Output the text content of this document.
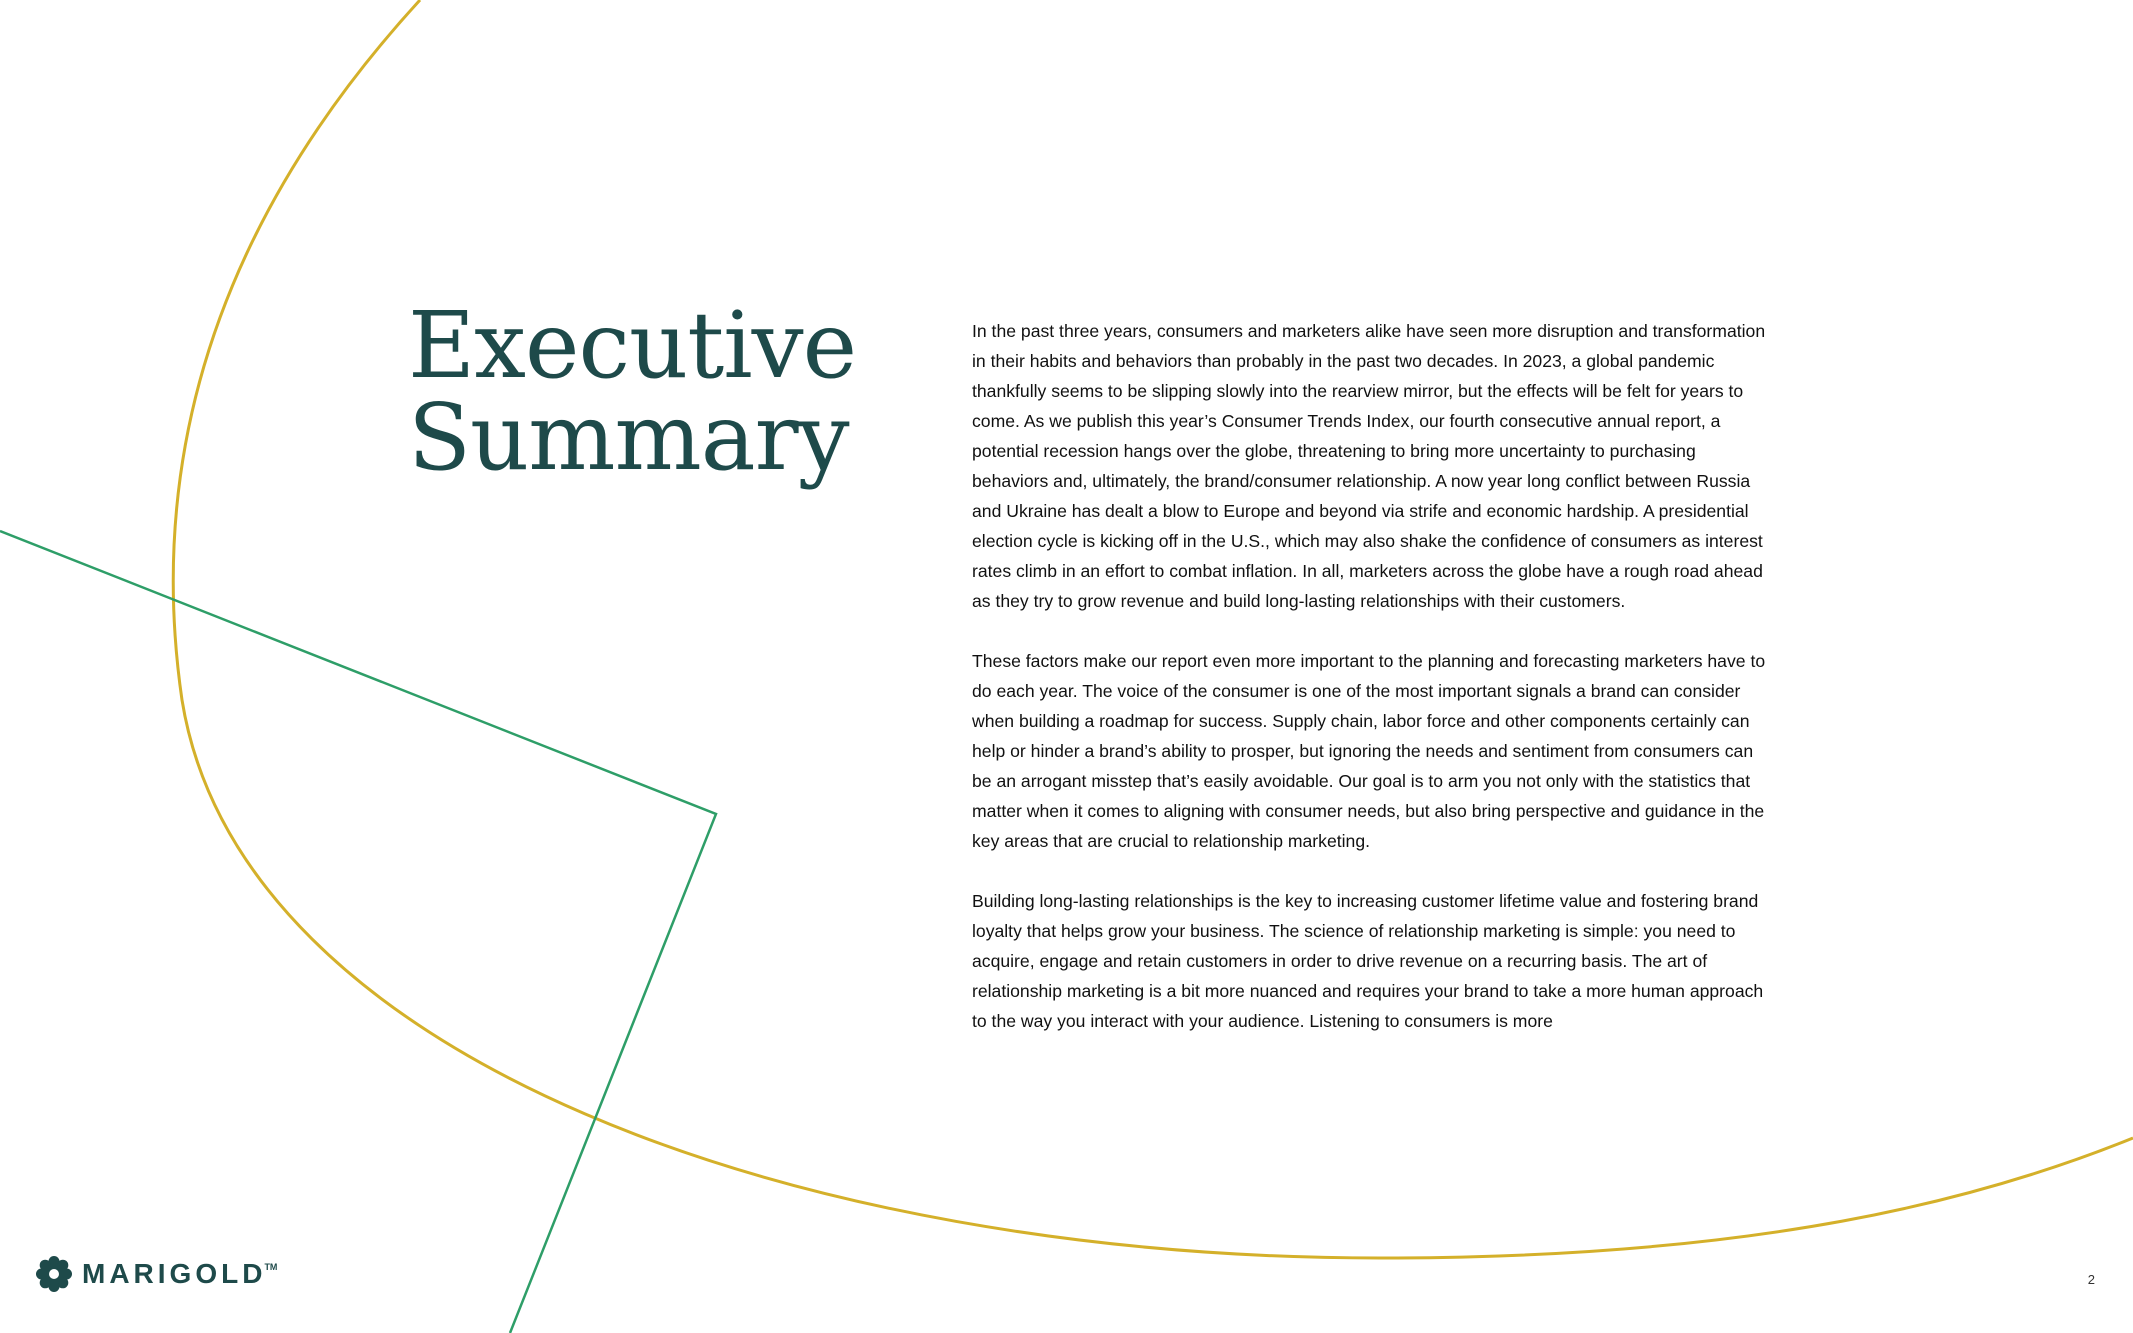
Executive
Summary

In the past three years, consumers and marketers alike have seen more disruption and transformation in their habits and behaviors than probably in the past two decades. In 2023, a global pandemic thankfully seems to be slipping slowly into the rearview mirror, but the effects will be felt for years to come. As we publish this year’s Consumer Trends Index, our fourth consecutive annual report, a potential recession hangs over the globe, threatening to bring more uncertainty to purchasing behaviors and, ultimately, the brand/consumer relationship. A now year long conflict between Russia and Ukraine has dealt a blow to Europe and beyond via strife and economic hardship. A presidential election cycle is kicking off in the U.S., which may also shake the confidence of consumers as interest rates climb in an effort to combat inflation. In all, marketers across the globe have a rough road ahead as they try to grow revenue and build long-lasting relationships with their customers.

These factors make our report even more important to the planning and forecasting marketers have to do each year. The voice of the consumer is one of the most important signals a brand can consider when building a roadmap for success. Supply chain, labor force and other components certainly can help or hinder a brand’s ability to prosper, but ignoring the needs and sentiment from consumers can be an arrogant misstep that’s easily avoidable. Our goal is to arm you not only with the statistics that matter when it comes to aligning with consumer needs, but also bring perspective and guidance in the key areas that are crucial to relationship marketing.

Building long-lasting relationships is the key to increasing customer lifetime value and fostering brand loyalty that helps grow your business. The science of relationship marketing is simple: you need to acquire, engage and retain customers in order to drive revenue on a recurring basis. The art of relationship marketing is a bit more nuanced and requires your brand to take a more human approach to the way you interact with your audience. Listening to consumers is more

MARIGOLD
TM
2
